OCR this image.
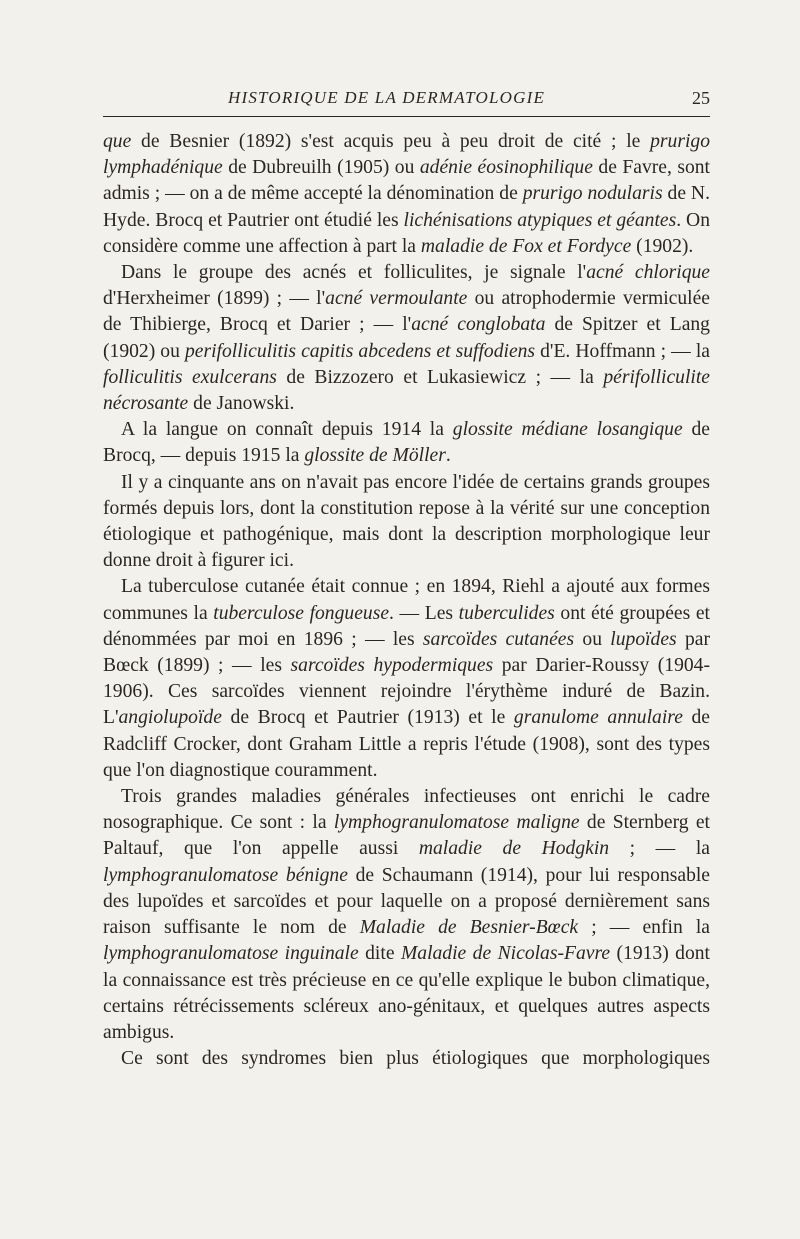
HISTORIQUE DE LA DERMATOLOGIE	25

que de Besnier (1892) s'est acquis peu à peu droit de cité ; le prurigo lymphadénique de Dubreuilh (1905) ou adénie éosinophilique de Favre, sont admis ; — on a de même accepté la dénomination de prurigo nodularis de N. Hyde. Brocq et Pautrier ont étudié les lichénisations atypiques et géantes. On considère comme une affection à part la maladie de Fox et Fordyce (1902).

Dans le groupe des acnés et folliculites, je signale l'acné chlorique d'Herxheimer (1899) ; — l'acné vermoulante ou atrophodermie vermiculée de Thibierge, Brocq et Darier ; — l'acné conglobata de Spitzer et Lang (1902) ou perifolliculitis capitis abcedens et suffodiens d'E. Hoffmann ; — la folliculitis exulcerans de Bizzozero et Lukasiewicz ; — la périfolliculite nécrosante de Janowski.

A la langue on connaît depuis 1914 la glossite médiane losangique de Brocq, — depuis 1915 la glossite de Möller.

Il y a cinquante ans on n'avait pas encore l'idée de certains grands groupes formés depuis lors, dont la constitution repose à la vérité sur une conception étiologique et pathogénique, mais dont la description morphologique leur donne droit à figurer ici.

La tuberculose cutanée était connue ; en 1894, Riehl a ajouté aux formes communes la tuberculose fongueuse. — Les tuberculides ont été groupées et dénommées par moi en 1896 ; — les sarcoïdes cutanées ou lupoïdes par Bœck (1899) ; — les sarcoïdes hypodermiques par Darier-Roussy (1904-1906). Ces sarcoïdes viennent rejoindre l'érythème induré de Bazin. L'angiolupoïde de Brocq et Pautrier (1913) et le granulome annulaire de Radcliff Crocker, dont Graham Little a repris l'étude (1908), sont des types que l'on diagnostique couramment.

Trois grandes maladies générales infectieuses ont enrichi le cadre nosographique. Ce sont : la lymphogranulomatose maligne de Sternberg et Paltauf, que l'on appelle aussi maladie de Hodgkin ; — la lymphogranulomatose bénigne de Schaumann (1914), pour lui responsable des lupoïdes et sarcoïdes et pour laquelle on a proposé dernièrement sans raison suffisante le nom de Maladie de Besnier-Bœck ; — enfin la lymphogranulomatose inguinale dite Maladie de Nicolas-Favre (1913) dont la connaissance est très précieuse en ce qu'elle explique le bubon climatique, certains rétrécissements scléreux ano-génitaux, et quelques autres aspects ambigus.

Ce sont des syndromes bien plus étiologiques que morphologiques
